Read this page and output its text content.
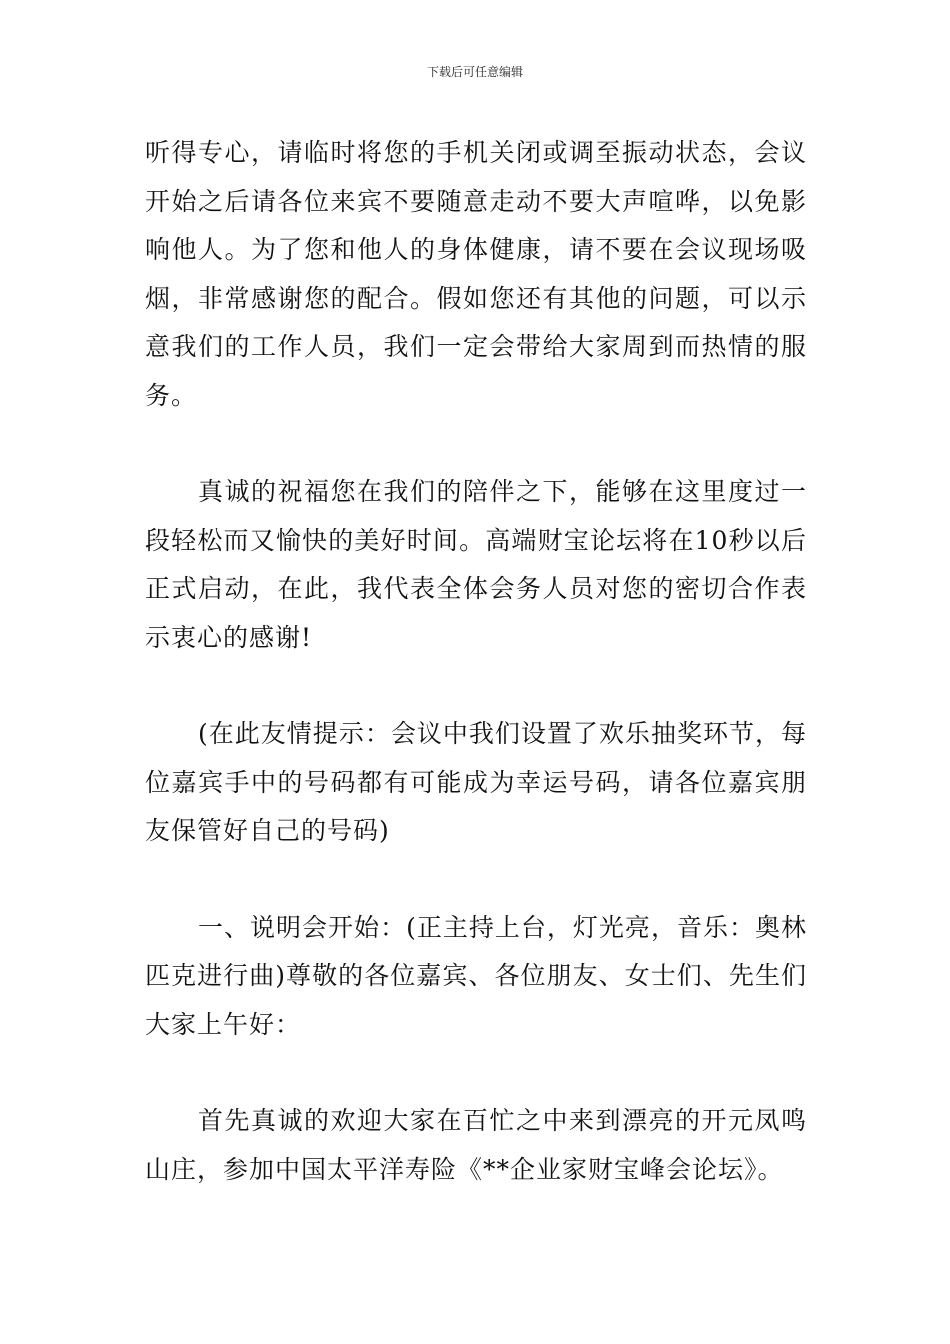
下载后可任意编辑

听得专心，请临时将您的手机关闭或调至振动状态，会议开始之后请各位来宾不要随意走动不要大声喧哗，以免影响他人。为了您和他人的身体健康，请不要在会议现场吸烟，非常感谢您的配合。假如您还有其他的问题，可以示意我们的工作人员，我们一定会带给大家周到而热情的服务。

真诚的祝福您在我们的陪伴之下，能够在这里度过一段轻松而又愉快的美好时间。高端财宝论坛将在10秒以后正式启动，在此，我代表全体会务人员对您的密切合作表示衷心的感谢!

(在此友情提示：会议中我们设置了欢乐抽奖环节，每位嘉宾手中的号码都有可能成为幸运号码，请各位嘉宾朋友保管好自己的号码)

一、说明会开始：(正主持上台，灯光亮，音乐：奥林匹克进行曲)尊敬的各位嘉宾、各位朋友、女士们、先生们大家上午好：

首先真诚的欢迎大家在百忙之中来到漂亮的开元凤鸣山庄，参加中国太平洋寿险《**企业家财宝峰会论坛》。
